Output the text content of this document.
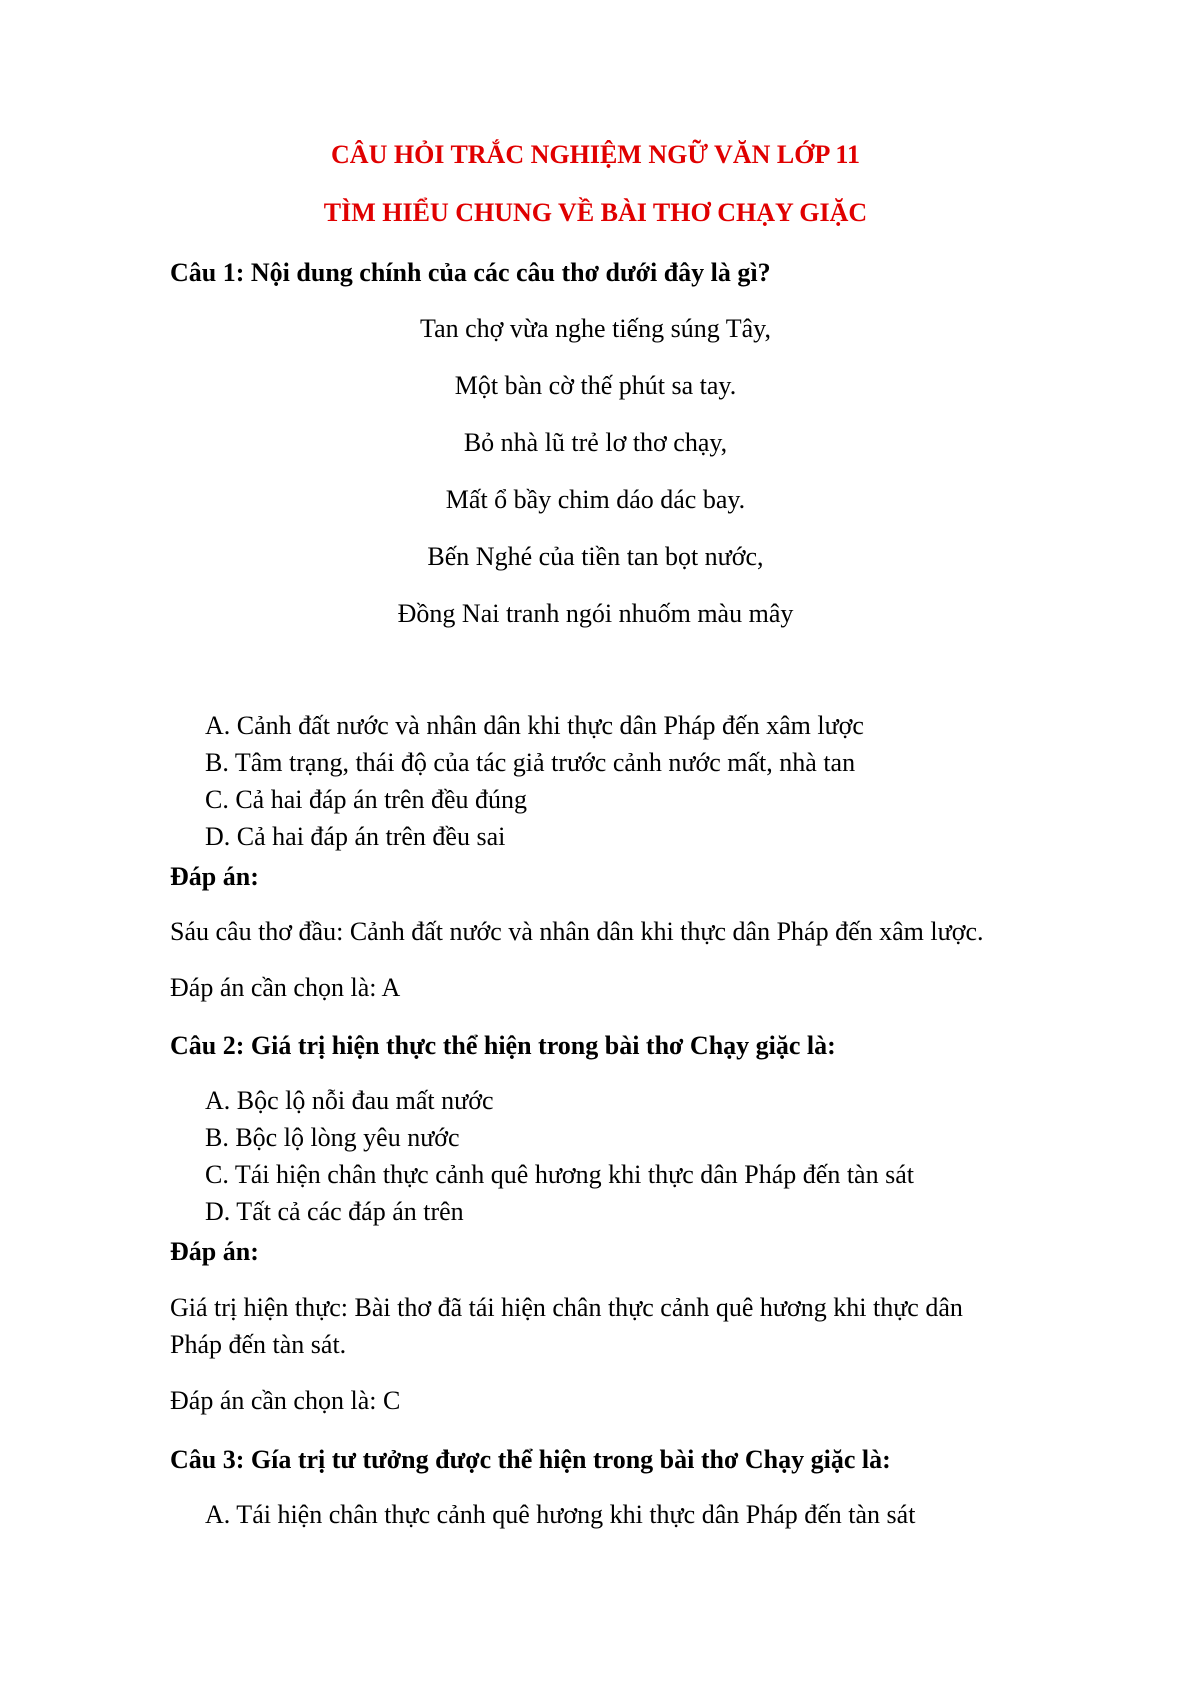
CÂU HỎI TRẮC NGHIỆM NGỮ VĂN LỚP 11
TÌM HIỂU CHUNG VỀ BÀI THƠ CHẠY GIẶC
Câu 1: Nội dung chính của các câu thơ dưới đây là gì?
Tan chợ vừa nghe tiếng súng Tây,
Một bàn cờ thế phút sa tay.
Bỏ nhà lũ trẻ lơ thơ chạy,
Mất ổ bầy chim dáo dác bay.
Bến Nghé của tiền tan bọt nước,
Đồng Nai tranh ngói nhuốm màu mây
A. Cảnh đất nước và nhân dân khi thực dân Pháp đến xâm lược
B. Tâm trạng, thái độ của tác giả trước cảnh nước mất, nhà tan
C. Cả hai đáp án trên đều đúng
D. Cả hai đáp án trên đều sai
Đáp án:
Sáu câu thơ đầu: Cảnh đất nước và nhân dân khi thực dân Pháp đến xâm lược.
Đáp án cần chọn là: A
Câu 2: Giá trị hiện thực thể hiện trong bài thơ Chạy giặc là:
A. Bộc lộ nỗi đau mất nước
B. Bộc lộ lòng yêu nước
C. Tái hiện chân thực cảnh quê hương khi thực dân Pháp đến tàn sát
D. Tất cả các đáp án trên
Đáp án:
Giá trị hiện thực: Bài thơ đã tái hiện chân thực cảnh quê hương khi thực dân
Pháp đến tàn sát.
Đáp án cần chọn là: C
Câu 3: Gía trị tư tưởng được thể hiện trong bài thơ Chạy giặc là:
A. Tái hiện chân thực cảnh quê hương khi thực dân Pháp đến tàn sát
